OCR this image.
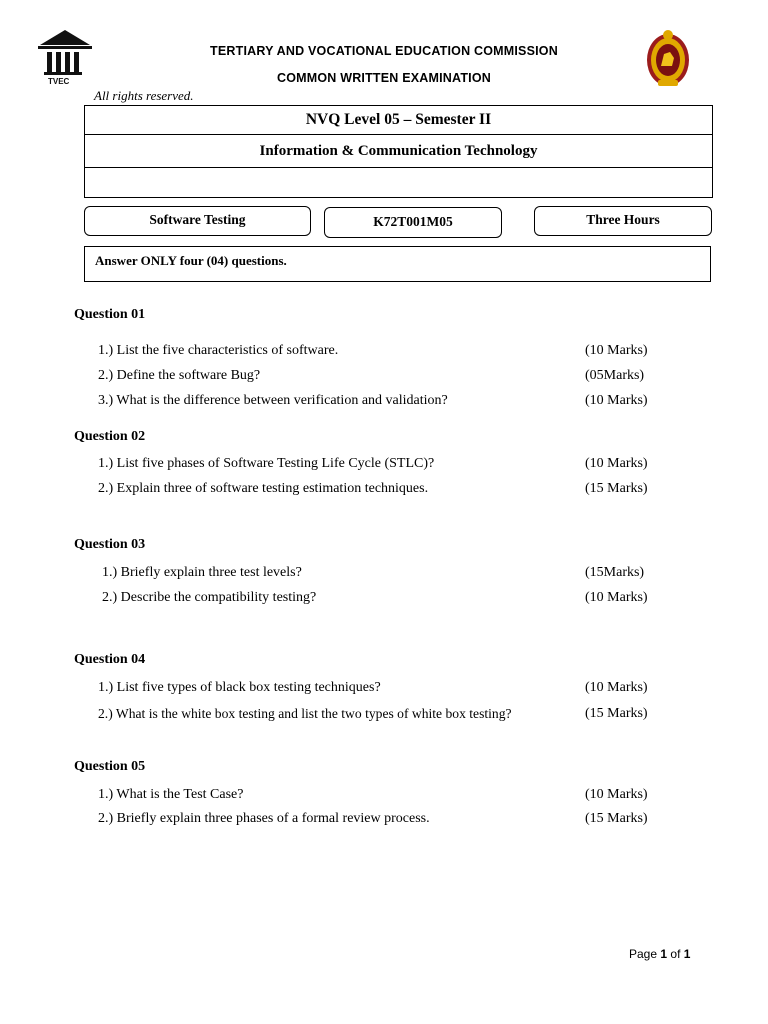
TVEC
TERTIARY AND VOCATIONAL EDUCATION COMMISSION
COMMON WRITTEN EXAMINATION
All rights reserved.
NVQ Level 05 – Semester II
Information & Communication Technology
Software Testing	K72T001M05	Three Hours
Answer ONLY four (04) questions.
Question 01
1.) List the five characteristics of software.	(10 Marks)
2.) Define the software Bug?	(05Marks)
3.) What is the difference between verification and validation?	(10 Marks)
Question 02
1.) List five phases of Software Testing Life Cycle (STLC)?	(10 Marks)
2.) Explain three of software testing estimation techniques.	(15 Marks)
Question 03
1.) Briefly explain three test levels?	(15Marks)
2.) Describe the compatibility testing?	(10 Marks)
Question 04
1.) List five types of black box testing techniques?	(10 Marks)
2.) What is the white box testing and list the two types of white box testing?	(15 Marks)
Question 05
1.) What is the Test Case?	(10 Marks)
2.) Briefly explain three phases of a formal review process.	(15 Marks)
Page 1 of 1
